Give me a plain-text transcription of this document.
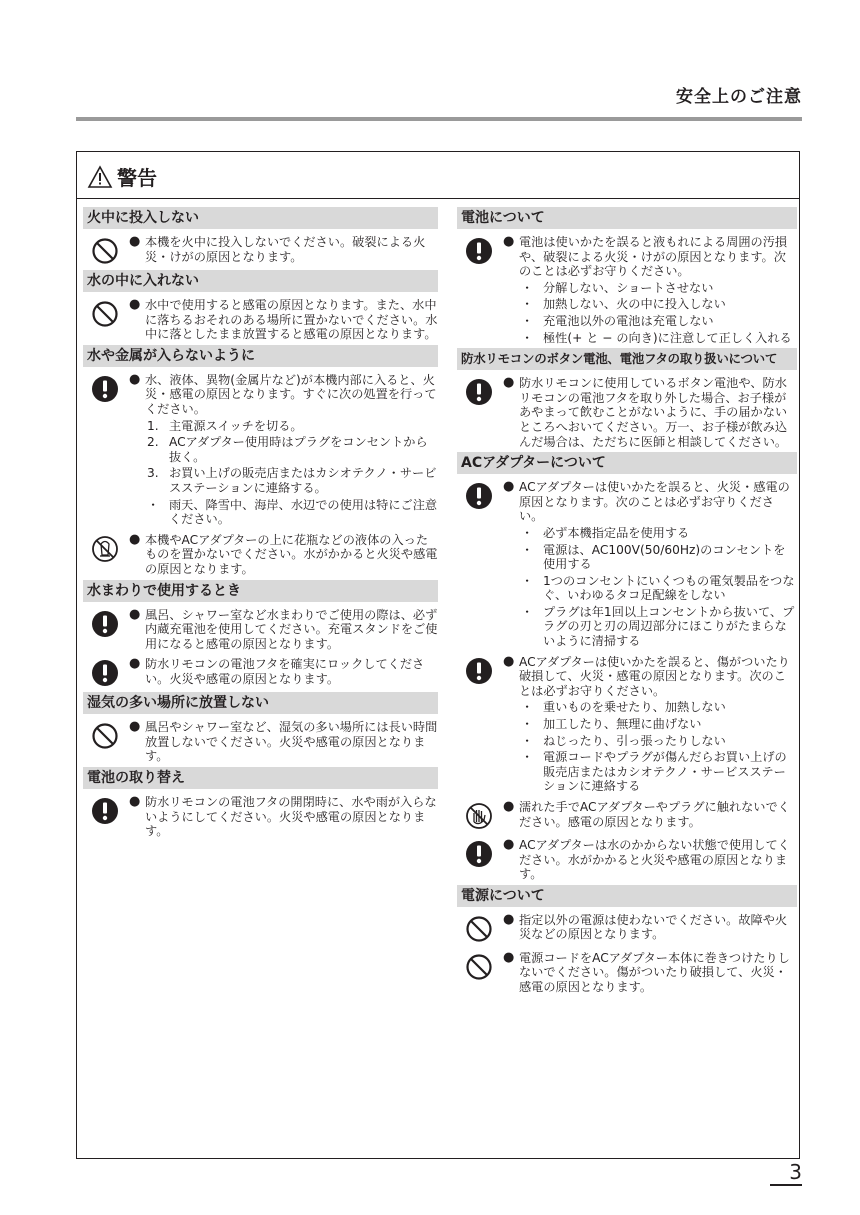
安全上のご注意
警告
火中に投入しない
● 本機を火中に投入しないでください。破裂による火災・けがの原因となります。
水の中に入れない
● 水中で使用すると感電の原因となります。また、水中に落ちるおそれのある場所に置かないでください。水中に落としたまま放置すると感電の原因となります。
水や金属が入らないように
● 水、液体、異物(金属片など)が本機内部に入ると、火災・感電の原因となります。すぐに次の処置を行ってください。
1. 主電源スイッチを切る。
2. ACアダプター使用時はプラグをコンセントから抜く。
3. お買い上げの販売店またはカシオテクノ・サービスステーションに連絡する。
・ 雨天、降雪中、海岸、水辺での使用は特にご注意ください。
● 本機やACアダプターの上に花瓶などの液体の入ったものを置かないでください。水がかかると火災や感電の原因となります。
水まわりで使用するとき
● 風呂、シャワー室など水まわりでご使用の際は、必ず内蔵充電池を使用してください。充電スタンドをご使用になると感電の原因となります。
● 防水リモコンの電池フタを確実にロックしてください。火災や感電の原因となります。
湿気の多い場所に放置しない
● 風呂やシャワー室など、湿気の多い場所には長い時間放置しないでください。火災や感電の原因となります。
電池の取り替え
● 防水リモコンの電池フタの開閉時に、水や雨が入らないようにしてください。火災や感電の原因となります。
電池について
● 電池は使いかたを誤ると液もれによる周囲の汚損や、破裂による火災・けがの原因となります。次のことは必ずお守りください。
・ 分解しない、ショートさせない
・ 加熱しない、火の中に投入しない
・ 充電池以外の電池は充電しない
・ 極性(+ と − の向き)に注意して正しく入れる
防水リモコンのボタン電池、電池フタの取り扱いについて
● 防水リモコンに使用しているボタン電池や、防水リモコンの電池フタを取り外した場合、お子様があやまって飲むことがないように、手の届かないところへおいてください。万一、お子様が飲み込んだ場合は、ただちに医師と相談してください。
ACアダプターについて
● ACアダプターは使いかたを誤ると、火災・感電の原因となります。次のことは必ずお守りください。
・ 必ず本機指定品を使用する
・ 電源は、AC100V(50/60Hz)のコンセントを使用する
・ 1つのコンセントにいくつもの電気製品をつなぐ、いわゆるタコ足配線をしない
・ プラグは年1回以上コンセントから抜いて、プラグの刃と刃の周辺部分にほこりがたまらないように清掃する
● ACアダプターは使いかたを誤ると、傷がついたり破損して、火災・感電の原因となります。次のことは必ずお守りください。
・ 重いものを乗せたり、加熱しない
・ 加工したり、無理に曲げない
・ ねじったり、引っ張ったりしない
・ 電源コードやプラグが傷んだらお買い上げの販売店またはカシオテクノ・サービスステーションに連絡する
● 濡れた手でACアダプターやプラグに触れないでください。感電の原因となります。
● ACアダプターは水のかからない状態で使用してください。水がかかると火災や感電の原因となります。
電源について
● 指定以外の電源は使わないでください。故障や火災などの原因となります。
● 電源コードをACアダプター本体に巻きつけたりしないでください。傷がついたり破損して、火災・感電の原因となります。
3
